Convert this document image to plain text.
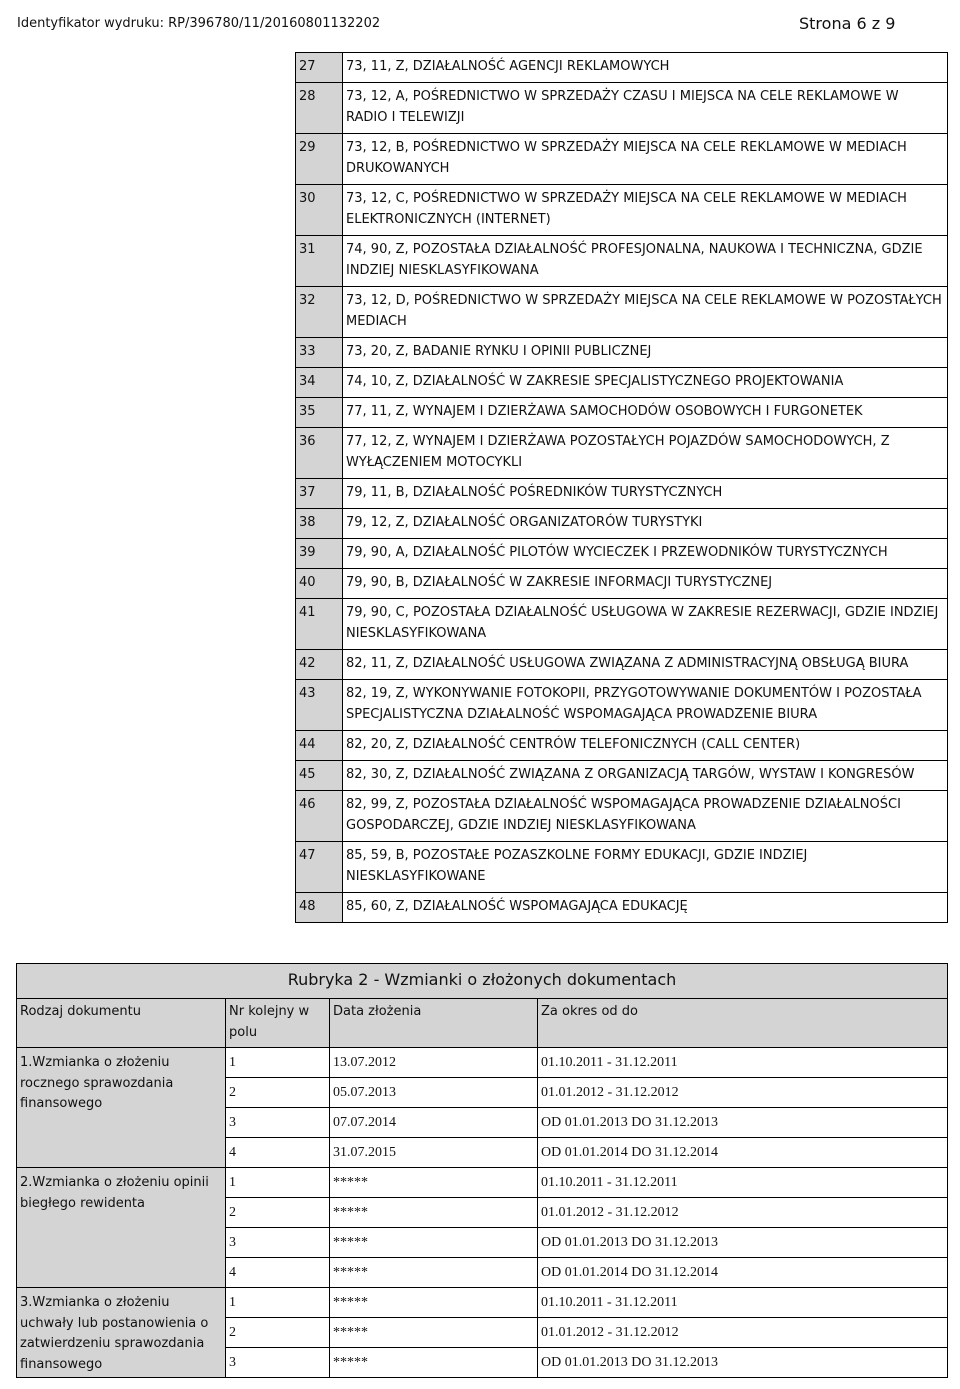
Identyfikator wydruku: RP/396780/11/20160801132202	Strona 6 z 9
27	73, 11, Z, DZIAŁALNOŚĆ AGENCJI REKLAMOWYCH
28	73, 12, A, POŚREDNICTWO W SPRZEDAŻY CZASU I MIEJSCA NA CELE REKLAMOWE W RADIO I TELEWIZJI
29	73, 12, B, POŚREDNICTWO W SPRZEDAŻY MIEJSCA NA CELE REKLAMOWE W MEDIACH DRUKOWANYCH
30	73, 12, C, POŚREDNICTWO W SPRZEDAŻY MIEJSCA NA CELE REKLAMOWE W MEDIACH ELEKTRONICZNYCH (INTERNET)
31	74, 90, Z, POZOSTAŁA DZIAŁALNOŚĆ PROFESJONALNA, NAUKOWA I TECHNICZNA, GDZIE INDZIEJ NIESKLASYFIKOWANA
32	73, 12, D, POŚREDNICTWO W SPRZEDAŻY MIEJSCA NA CELE REKLAMOWE W POZOSTAŁYCH MEDIACH
33	73, 20, Z, BADANIE RYNKU I OPINII PUBLICZNEJ
34	74, 10, Z, DZIAŁALNOŚĆ W ZAKRESIE SPECJALISTYCZNEGO PROJEKTOWANIA
35	77, 11, Z, WYNAJEM I DZIERŻAWA SAMOCHODÓW OSOBOWYCH I FURGONETEK
36	77, 12, Z, WYNAJEM I DZIERŻAWA POZOSTAŁYCH POJAZDÓW SAMOCHODOWYCH, Z WYŁĄCZENIEM MOTOCYKLI
37	79, 11, B, DZIAŁALNOŚĆ POŚREDNIKÓW TURYSTYCZNYCH
38	79, 12, Z, DZIAŁALNOŚĆ ORGANIZATORÓW TURYSTYKI
39	79, 90, A, DZIAŁALNOŚĆ PILOTÓW WYCIECZEK I PRZEWODNIKÓW TURYSTYCZNYCH
40	79, 90, B, DZIAŁALNOŚĆ W ZAKRESIE INFORMACJI TURYSTYCZNEJ
41	79, 90, C, POZOSTAŁA DZIAŁALNOŚĆ USŁUGOWA W ZAKRESIE REZERWACJI, GDZIE INDZIEJ NIESKLASYFIKOWANA
42	82, 11, Z, DZIAŁALNOŚĆ USŁUGOWA ZWIĄZANA Z ADMINISTRACYJNĄ OBSŁUGĄ BIURA
43	82, 19, Z, WYKONYWANIE FOTOKOPII, PRZYGOTOWYWANIE DOKUMENTÓW I POZOSTAŁA SPECJALISTYCZNA DZIAŁALNOŚĆ WSPOMAGAJĄCA PROWADZENIE BIURA
44	82, 20, Z, DZIAŁALNOŚĆ CENTRÓW TELEFONICZNYCH (CALL CENTER)
45	82, 30, Z, DZIAŁALNOŚĆ ZWIĄZANA Z ORGANIZACJĄ TARGÓW, WYSTAW I KONGRESÓW
46	82, 99, Z, POZOSTAŁA DZIAŁALNOŚĆ WSPOMAGAJĄCA PROWADZENIE DZIAŁALNOŚCI GOSPODARCZEJ, GDZIE INDZIEJ NIESKLASYFIKOWANA
47	85, 59, B, POZOSTAŁE POZASZKOLNE FORMY EDUKACJI, GDZIE INDZIEJ NIESKLASYFIKOWANE
48	85, 60, Z, DZIAŁALNOŚĆ WSPOMAGAJĄCA EDUKACJĘ
Rubryka 2 - Wzmianki o złożonych dokumentach			
Rodzaj dokumentu	Nr kolejny w polu	Data złożenia	Za okres od do
1.Wzmianka o złożeniu rocznego sprawozdania finansowego	1	13.07.2012	01.10.2011 - 31.12.2011
	2	05.07.2013	01.01.2012 - 31.12.2012
	3	07.07.2014	OD 01.01.2013 DO 31.12.2013
	4	31.07.2015	OD 01.01.2014 DO 31.12.2014
2.Wzmianka o złożeniu opinii biegłego rewidenta	1	*****	01.10.2011 - 31.12.2011
	2	*****	01.01.2012 - 31.12.2012
	3	*****	OD 01.01.2013 DO 31.12.2013
	4	*****	OD 01.01.2014 DO 31.12.2014
3.Wzmianka o złożeniu uchwały lub postanowienia o zatwierdzeniu sprawozdania finansowego	1	*****	01.10.2011 - 31.12.2011
	2	*****	01.01.2012 - 31.12.2012
	3	*****	OD 01.01.2013 DO 31.12.2013
